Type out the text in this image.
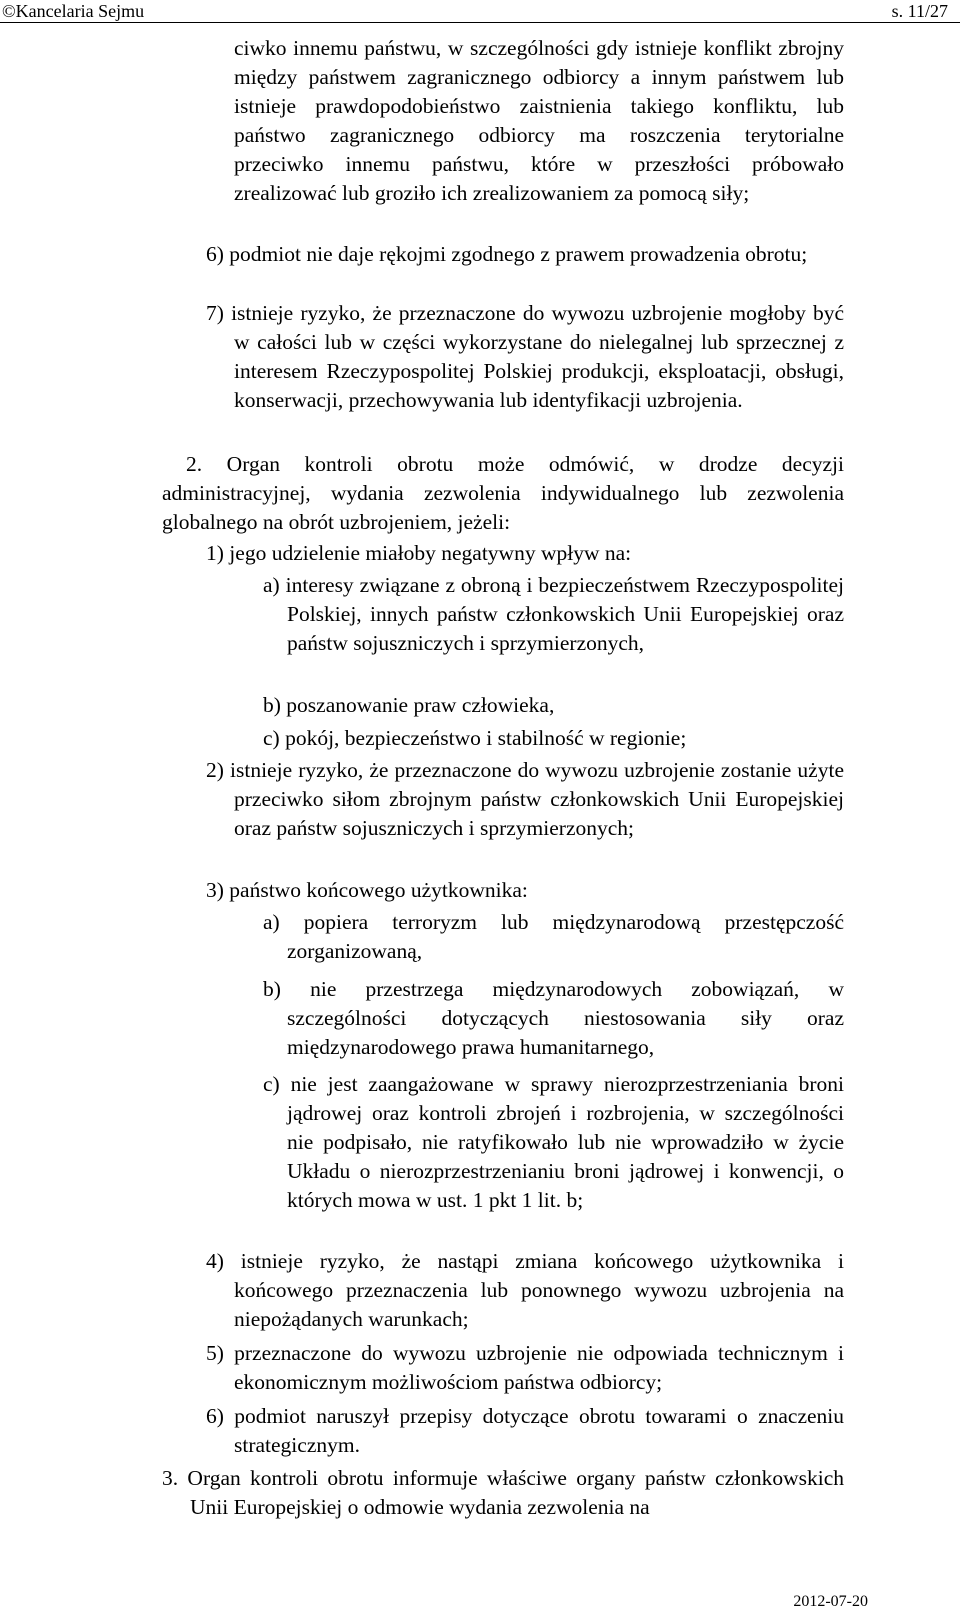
©Kancelaria Sejmu	s. 11/27

ciwko innemu państwu, w szczególności gdy istnieje konflikt zbrojny między państwem zagranicznego odbiorcy a innym państwem lub istnieje prawdopodobieństwo zaistnienia takiego konfliktu, lub państwo zagranicznego odbiorcy ma roszczenia terytorialne przeciwko innemu państwu, które w przeszłości próbowało zrealizować lub groziło ich zrealizowaniem za pomocą siły;

6) podmiot nie daje rękojmi zgodnego z prawem prowadzenia obrotu;
7) istnieje ryzyko, że przeznaczone do wywozu uzbrojenie mogłoby być w całości lub w części wykorzystane do nielegalnej lub sprzecznej z interesem Rzeczypospolitej Polskiej produkcji, eksploatacji, obsługi, konserwacji, przechowywania lub identyfikacji uzbrojenia.
2. Organ kontroli obrotu może odmówić, w drodze decyzji administracyjnej, wydania zezwolenia indywidualnego lub zezwolenia globalnego na obrót uzbrojeniem, jeżeli:
1) jego udzielenie miałoby negatywny wpływ na:
a) interesy związane z obroną i bezpieczeństwem Rzeczypospolitej Polskiej, innych państw członkowskich Unii Europejskiej oraz państw sojuszniczych i sprzymierzonych,
b) poszanowanie praw człowieka,
c) pokój, bezpieczeństwo i stabilność w regionie;
2) istnieje ryzyko, że przeznaczone do wywozu uzbrojenie zostanie użyte przeciwko siłom zbrojnym państw członkowskich Unii Europejskiej oraz państw sojuszniczych i sprzymierzonych;
3) państwo końcowego użytkownika:
a) popiera terroryzm lub międzynarodową przestępczość zorganizowaną,
b) nie przestrzega międzynarodowych zobowiązań, w szczególności dotyczących niestosowania siły oraz międzynarodowego prawa humanitarnego,
c) nie jest zaangażowane w sprawy nierozprzestrzeniania broni jądrowej oraz kontroli zbrojeń i rozbrojenia, w szczególności nie podpisało, nie ratyfikowało lub nie wprowadziło w życie Układu o nierozprzestrzenianiu broni jądrowej i konwencji, o których mowa w ust. 1 pkt 1 lit. b;
4) istnieje ryzyko, że nastąpi zmiana końcowego użytkownika i końcowego przeznaczenia lub ponownego wywozu uzbrojenia na niepożądanych warunkach;
5) przeznaczone do wywozu uzbrojenie nie odpowiada technicznym i ekonomicznym możliwościom państwa odbiorcy;
6) podmiot naruszył przepisy dotyczące obrotu towarami o znaczeniu strategicznym.
3. Organ kontroli obrotu informuje właściwe organy państw członkowskich Unii Europejskiej o odmowie wydania zezwolenia na
2012-07-20
